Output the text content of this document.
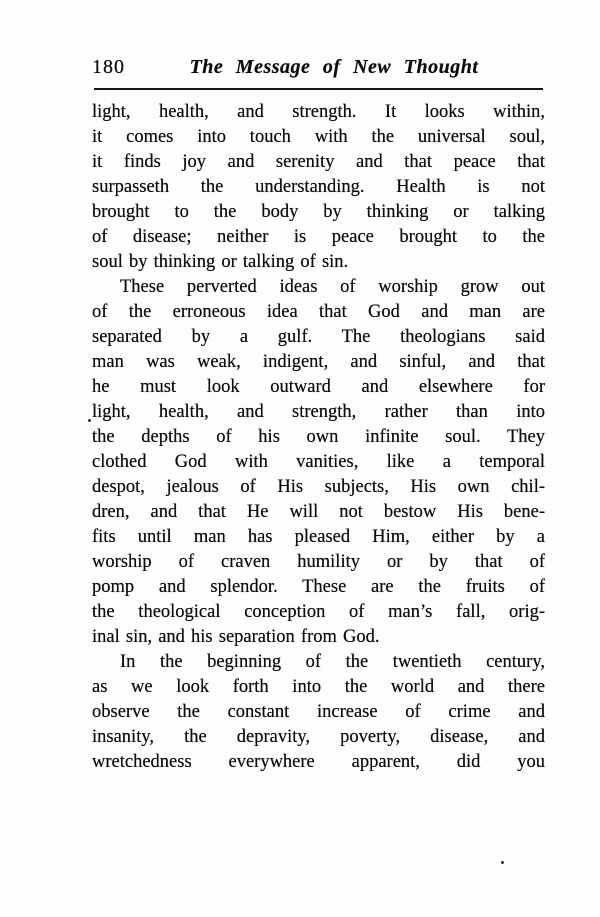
180	The Message of New Thought
light, health, and strength. It looks within,
it comes into touch with the universal soul,
it finds joy and serenity and that peace that
surpasseth the understanding. Health is not
brought to the body by thinking or talking
of disease; neither is peace brought to the
soul by thinking or talking of sin.
These perverted ideas of worship grow out
of the erroneous idea that God and man are
separated by a gulf. The theologians said
man was weak, indigent, and sinful, and that
he must look outward and elsewhere for
light, health, and strength, rather than into
the depths of his own infinite soul. They
clothed God with vanities, like a temporal
despot, jealous of His subjects, His own chil-
dren, and that He will not bestow His bene-
fits until man has pleased Him, either by a
worship of craven humility or by that of
pomp and splendor. These are the fruits of
the theological conception of man’s fall, orig-
inal sin, and his separation from God.
In the beginning of the twentieth century,
as we look forth into the world and there
observe the constant increase of crime and
insanity, the depravity, poverty, disease, and
wretchedness everywhere apparent, did you
